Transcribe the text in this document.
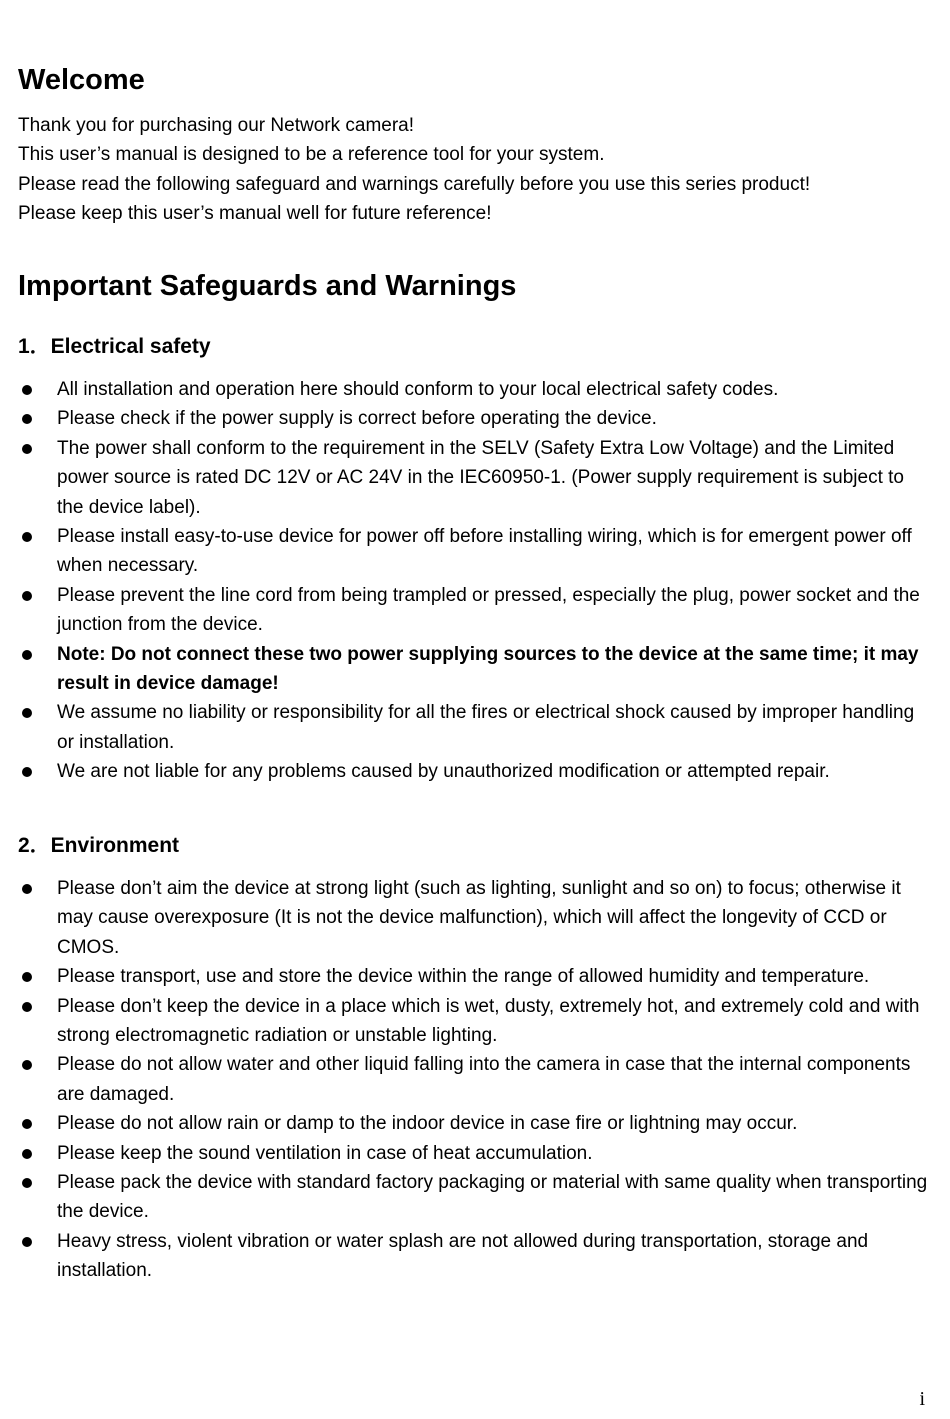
Welcome

Thank you for purchasing our Network camera!

This user’s manual is designed to be a reference tool for your system.

Please read the following safeguard and warnings carefully before you use this series product!

Please keep this user’s manual well for future reference!

Important Safeguards and Warnings
1．Electrical safety
All installation and operation here should conform to your local electrical safety codes.
Please check if the power supply is correct before operating the device.
The power shall conform to the requirement in the SELV (Safety Extra Low Voltage) and the Limited power source is rated DC 12V or AC 24V in the IEC60950-1. (Power supply requirement is subject to the device label).
Please install easy-to-use device for power off before installing wiring, which is for emergent power off when necessary.
Please prevent the line cord from being trampled or pressed, especially the plug, power socket and the junction from the device.
Note: Do not connect these two power supplying sources to the device at the same time; it may result in device damage!
We assume no liability or responsibility for all the fires or electrical shock caused by improper handling or installation.
We are not liable for any problems caused by unauthorized modification or attempted repair.
2．Environment
Please don’t aim the device at strong light (such as lighting, sunlight and so on) to focus; otherwise it may cause overexposure (It is not the device malfunction), which will affect the longevity of CCD or CMOS.
Please transport, use and store the device within the range of allowed humidity and temperature.
Please don’t keep the device in a place which is wet, dusty, extremely hot, and extremely cold and with strong electromagnetic radiation or unstable lighting.
Please do not allow water and other liquid falling into the camera in case that the internal components are damaged.
Please do not allow rain or damp to the indoor device in case fire or lightning may occur.
Please keep the sound ventilation in case of heat accumulation.
Please pack the device with standard factory packaging or material with same quality when transporting the device.
Heavy stress, violent vibration or water splash are not allowed during transportation, storage and installation.
i
